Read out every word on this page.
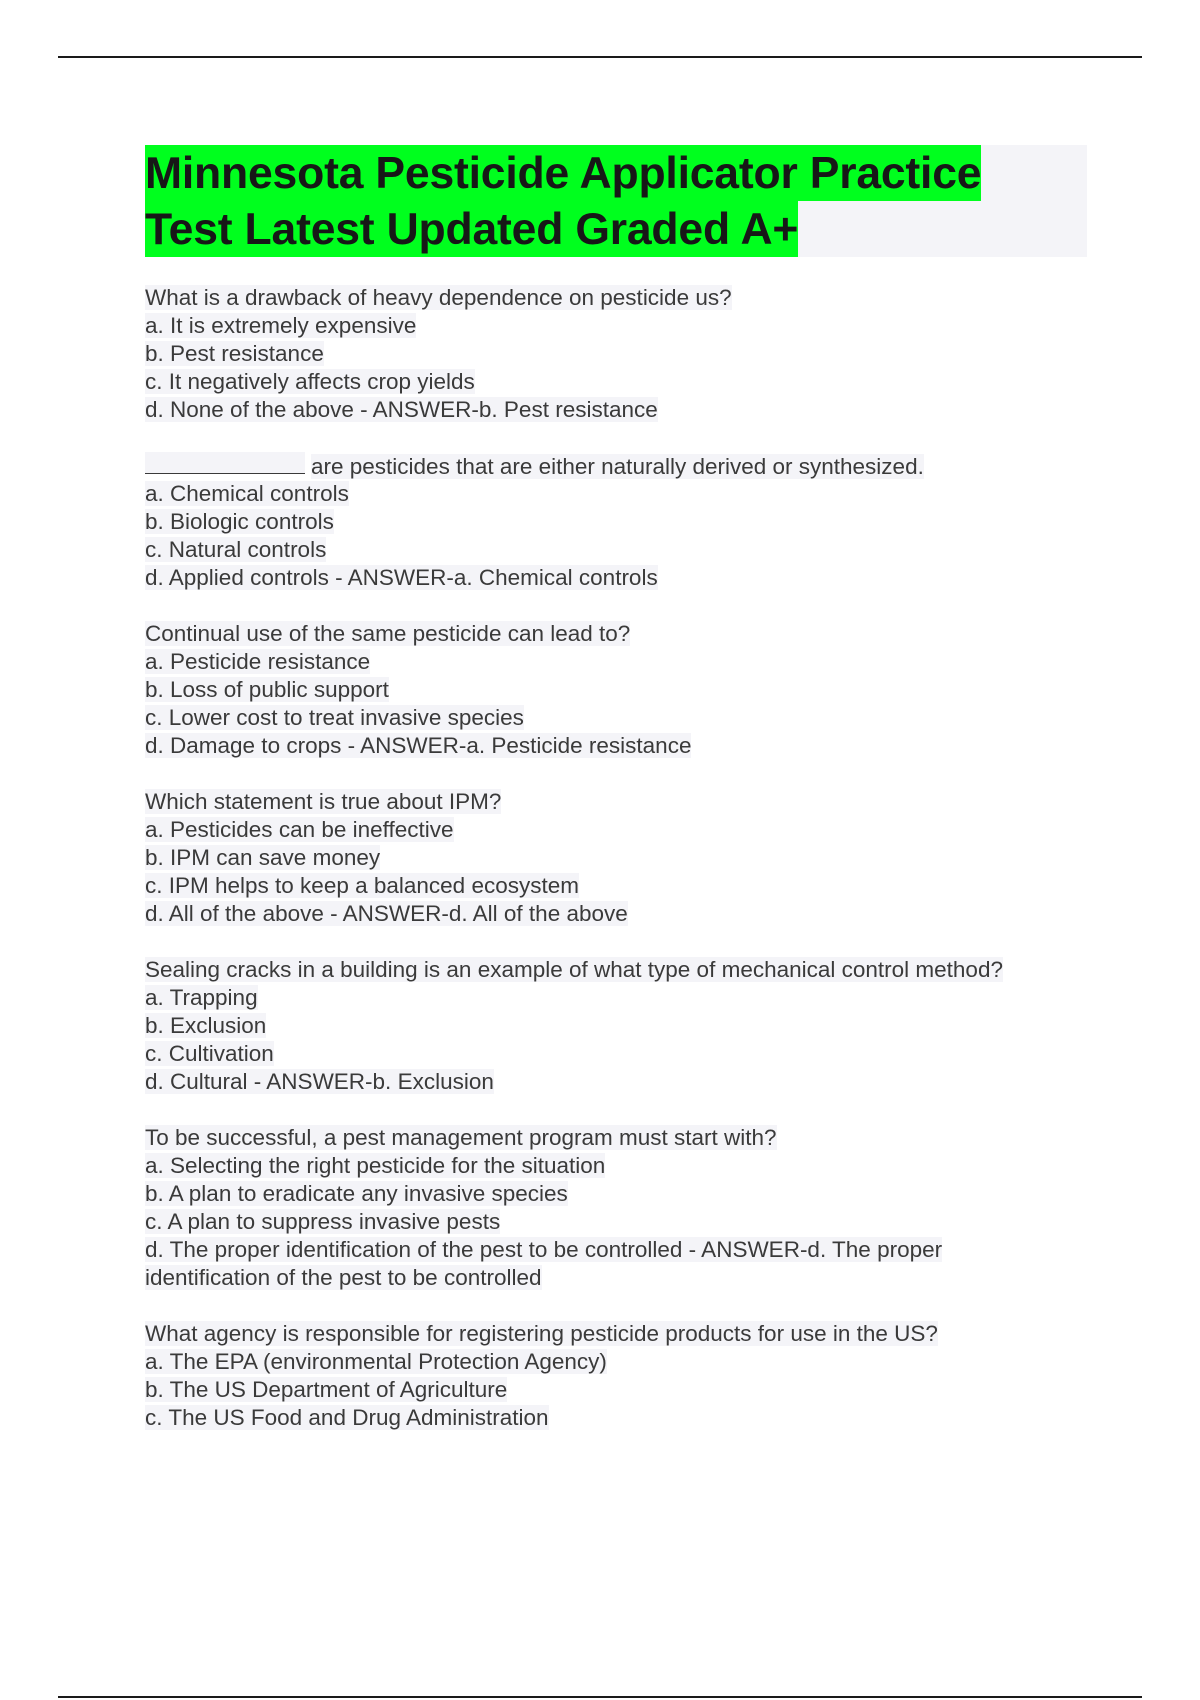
Minnesota Pesticide Applicator Practice
Test Latest Updated Graded A+
What is a drawback of heavy dependence on pesticide us?
a. It is extremely expensive
b. Pest resistance
c. It negatively affects crop yields
d. None of the above - ANSWER-b. Pest resistance
are pesticides that are either naturally derived or synthesized.
a. Chemical controls
b. Biologic controls
c. Natural controls
d. Applied controls - ANSWER-a. Chemical controls
Continual use of the same pesticide can lead to?
a. Pesticide resistance
b. Loss of public support
c. Lower cost to treat invasive species
d. Damage to crops - ANSWER-a. Pesticide resistance
Which statement is true about IPM?
a. Pesticides can be ineffective
b. IPM can save money
c. IPM helps to keep a balanced ecosystem
d. All of the above - ANSWER-d. All of the above
Sealing cracks in a building is an example of what type of mechanical control method?
a. Trapping
b. Exclusion
c. Cultivation
d. Cultural - ANSWER-b. Exclusion
To be successful, a pest management program must start with?
a. Selecting the right pesticide for the situation
b. A plan to eradicate any invasive species
c. A plan to suppress invasive pests
d. The proper identification of the pest to be controlled - ANSWER-d. The proper
identification of the pest to be controlled
What agency is responsible for registering pesticide products for use in the US?
a. The EPA (environmental Protection Agency)
b. The US Department of Agriculture
c. The US Food and Drug Administration
